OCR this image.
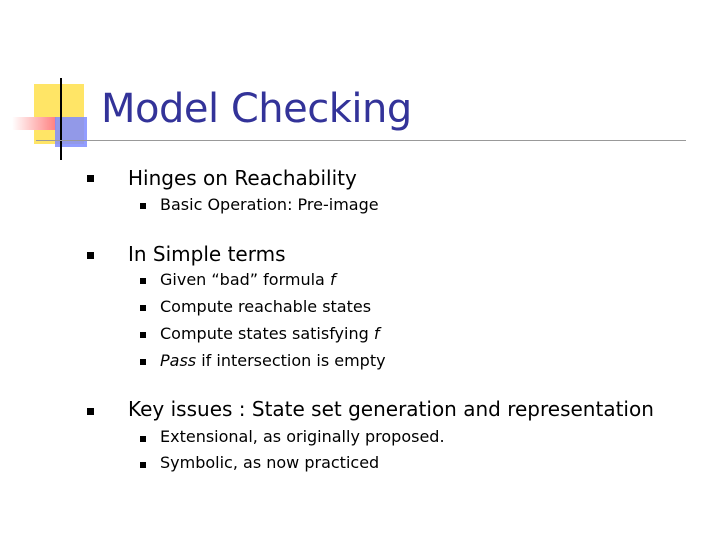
Model Checking
Hinges on Reachability
Basic Operation: Pre-image
In Simple terms
Given “bad” formula f
Compute reachable states
Compute states satisfying f
Pass if intersection is empty
Key issues : State set generation and representation
Extensional, as originally proposed.
Symbolic, as now practiced
